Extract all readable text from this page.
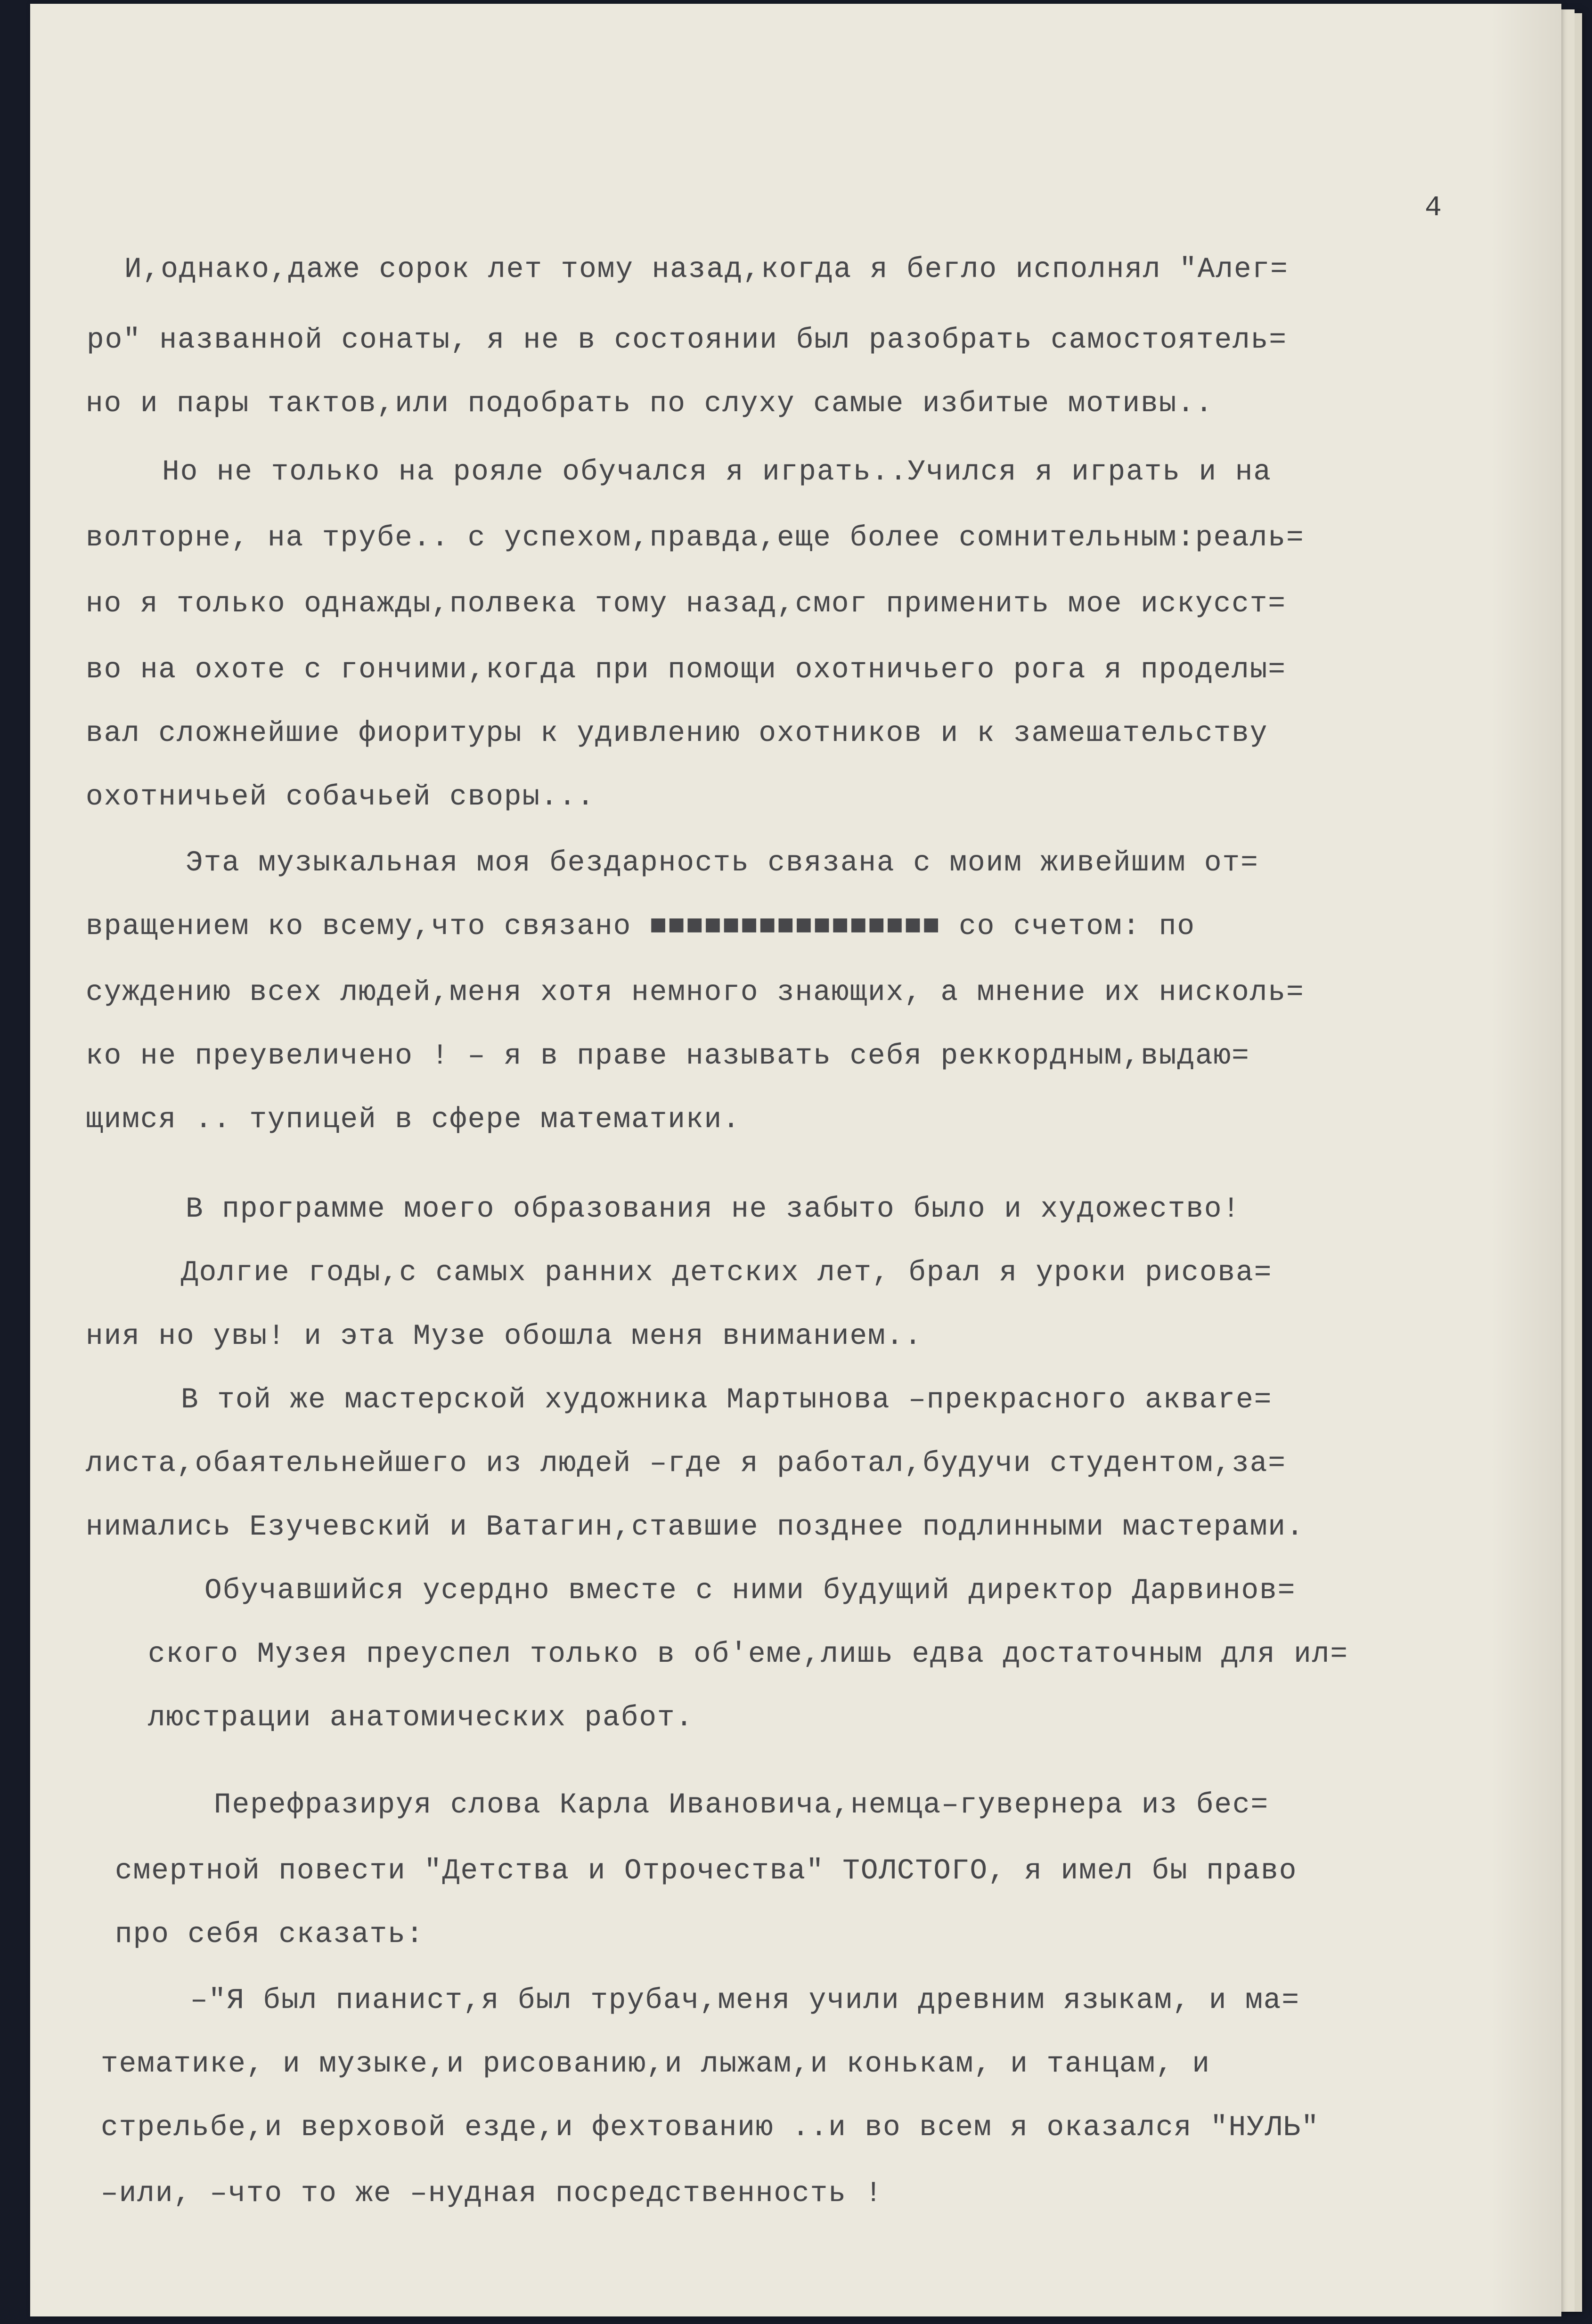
4
И,однако,даже сорок лет тому назад,когда я бегло исполнял "Алег=
ро" названной сонаты, я не в состоянии был разобрать самостоятель=
но и пары тактов,или подобрать по слуху самые избитые мотивы..
Но не только на рояле обучался я играть..Учился я играть и на
волторне, на трубе.. с успехом,правда,еще более сомнительным:реаль=
но я только однажды,полвека тому назад,смог применить мое искусст=
во на охоте с гончими,когда при помощи охотничьего рога я проделы=
вал сложнейшие фиоритуры к удивлению охотников и к замешательству
охотничьей собачьей своры...
Эта музыкальная моя бездарность связана с моим живейшим от=
вращением ко всему,что связано ■■■■■■■■■■■■■■■■ со счетом: по
суждению всех людей,меня хотя немного знающих, а мнение их нисколь=
ко не преувеличено ! – я в праве называть себя реккордным,выдаю=
щимся .. тупицей в сфере математики.
В программе моего образования не забыто было и художество!
Долгие годы,с самых ранних детских лет, брал я уроки рисова=
ния но увы! и эта Музе обошла меня вниманием..
В той же мастерской художника Мартынова –прекрасного аквare=
листа,обаятельнейшего из людей –где я работал,будучи студентом,за=
нимались Езучевский и Ватагин,ставшие позднее подлинными мастерами.
Обучавшийся усердно вместе с ними будущий директор Дарвинов=
ского Музея преуспел только в об'еме,лишь едва достаточным для ил=
люстрации анатомических работ.
Перефразируя слова Карла Ивановича,немца–гувернера из бес=
смертной повести "Детства и Отрочества" ТОЛСТОГО, я имел бы право
про себя сказать:
–"Я был пианист,я был трубач,меня учили древним языкам, и ма=
тематике, и музыке,и рисованию,и лыжам,и конькам, и танцам, и
стрельбе,и верховой езде,и фехтованию ..и во всем я оказался "НУЛЬ"
–или, –что то же –нудная посредственность !
